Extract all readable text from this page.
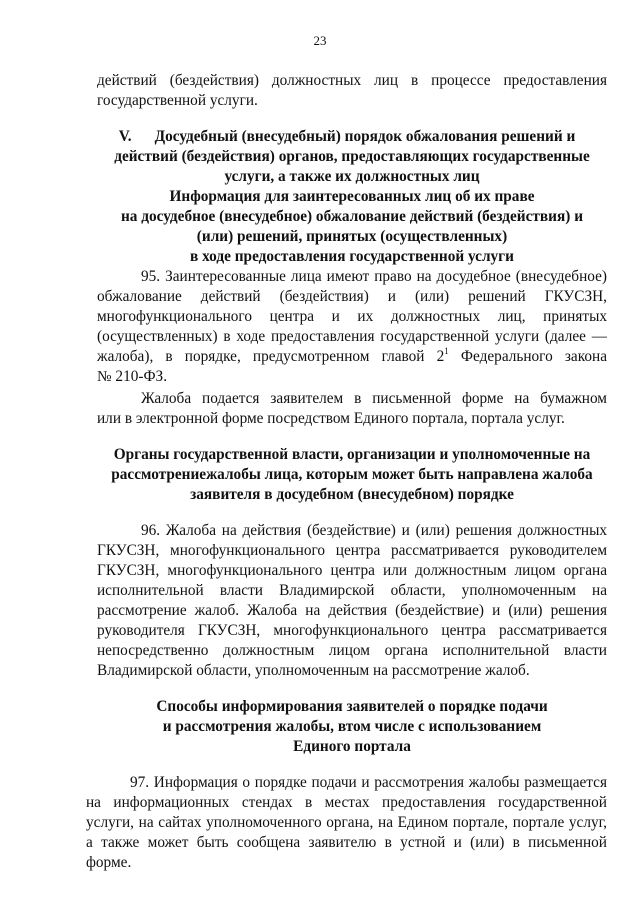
23
действий (бездействия) должностных лиц в процессе предоставления
государственной услуги.
V. Досудебный (внесудебный) порядок обжалования решений и
действий (бездействия) органов, предоставляющих государственные
услуги, а также их должностных лиц
Информация для заинтересованных лиц об их праве
на досудебное (внесудебное) обжалование действий (бездействия) и
(или) решений, принятых (осуществленных)
в ходе предоставления государственной услуги
95. Заинтересованные лица имеют право на досудебное (внесудебное)
обжалование действий (бездействия) и (или) решений ГКУСЗН,
многофункционального центра и их должностных лиц, принятых
(осуществленных) в ходе предоставления государственной услуги (далее —
жалоба), в порядке, предусмотренном главой $2^1$ Федерального закона
№ 210-ФЗ.
Жалоба подается заявителем в письменной форме на бумажном
или в электронной форме посредством Единого портала, портала услуг.
Органы государственной власти, организации и уполномоченные на
рассмотрениежалобы лица, которым может быть направлена жалоба
заявителя в досудебном (внесудебном) порядке
96. Жалоба на действия (бездействие) и (или) решения должностных
ГКУСЗН, многофункционального центра рассматривается руководителем
ГКУСЗН, многофункционального центра или должностным лицом органа
исполнительной власти Владимирской области, уполномоченным на
рассмотрение жалоб. Жалоба на действия (бездействие) и (или) решения
руководителя ГКУСЗН, многофункционального центра рассматривается
непосредственно должностным лицом органа исполнительной власти
Владимирской области, уполномоченным на рассмотрение жалоб.
Способы информирования заявителей о порядке подачи
и рассмотрения жалобы, втом числе с использованием
Единого портала
97. Информация о порядке подачи и рассмотрения жалобы размещается
на информационных стендах в местах предоставления государственной
услуги, на сайтах уполномоченного органа, на Едином портале, портале услуг,
а также может быть сообщена заявителю в устной и (или) в письменной
форме.
